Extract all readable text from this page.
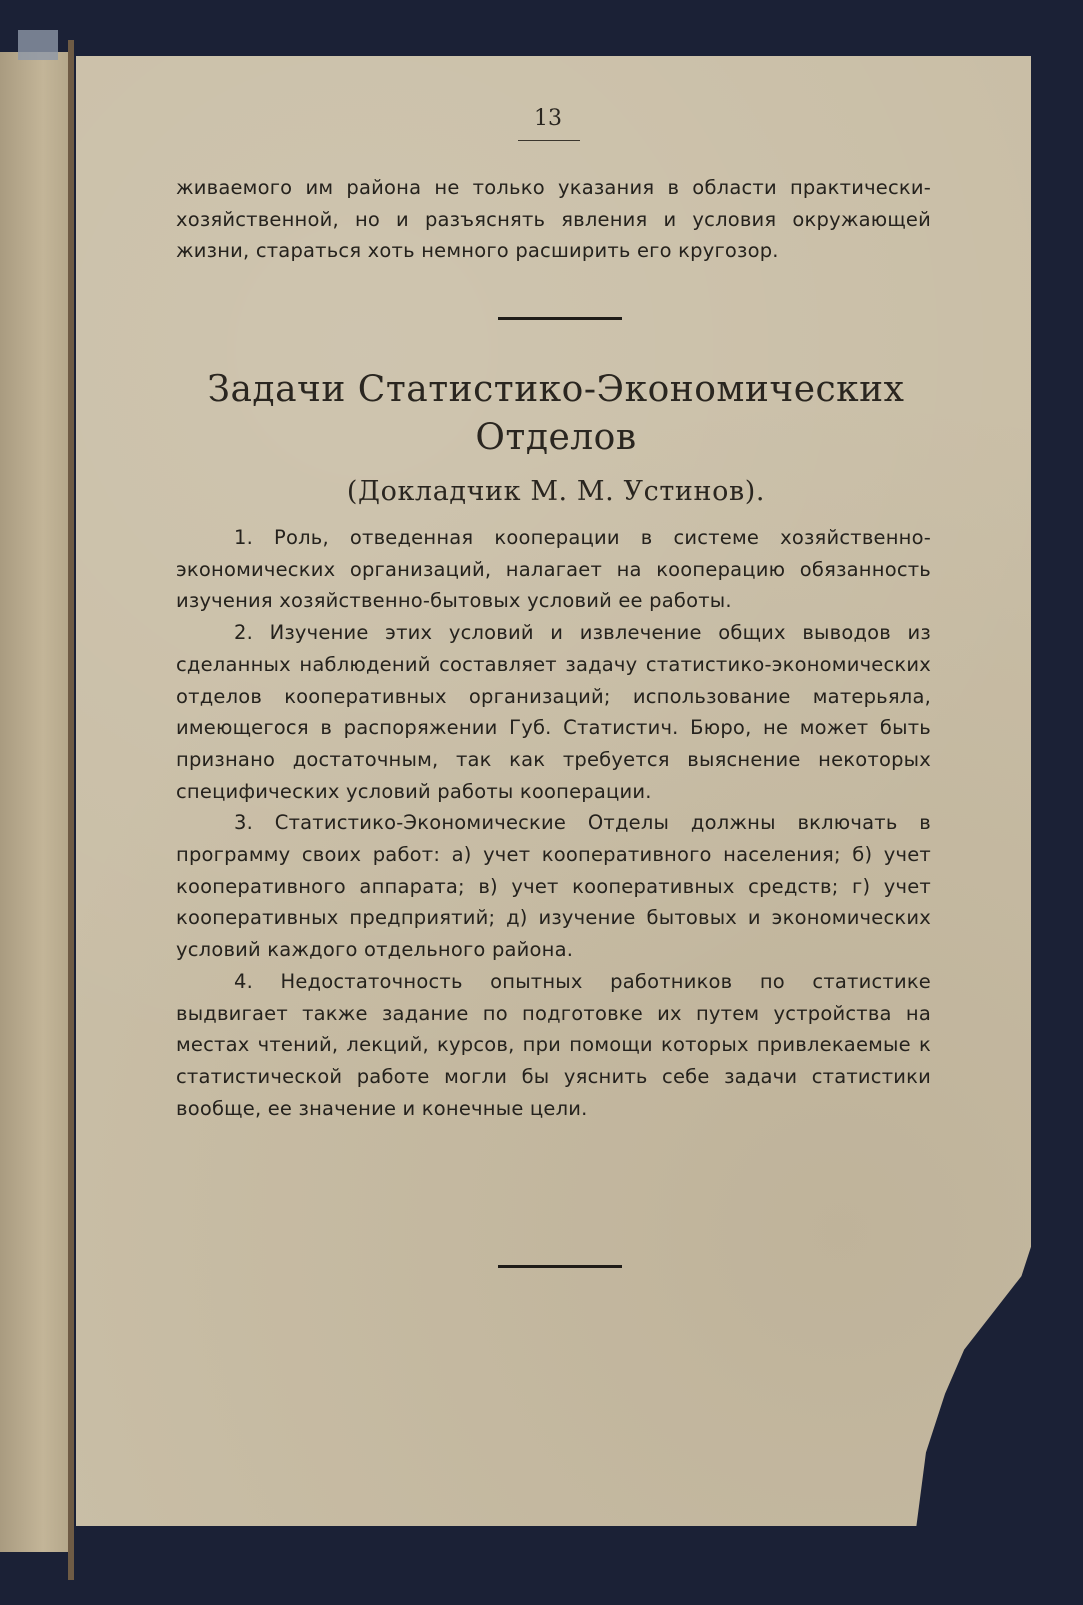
13
живаемого им района не только указания в области практически-хозяйственной, но и разъяснять явления и условия окружающей жизни, стараться хоть немного расширить его кругозор.
Задачи Статистико-Экономических
Отделов
(Докладчик М. М. Устинов).

1. Роль, отведенная кооперации в системе хозяйственно-экономических организаций, налагает на кооперацию обязанность изучения хозяйственно-бытовых условий ее работы.

2. Изучение этих условий и извлечение общих выводов из сделанных наблюдений составляет задачу статистико-экономических отделов кооперативных организаций; использование матерьяла, имеющегося в распоряжении Губ. Статистич. Бюро, не может быть признано достаточным, так как требуется выяснение некоторых специфических условий работы кооперации.

3. Статистико-Экономические Отделы должны включать в программу своих работ: а) учет кооперативного населения; б) учет кооперативного аппарата; в) учет кооперативных средств; г) учет кооперативных предприятий; д) изучение бытовых и экономических условий каждого отдельного района.

4. Недостаточность опытных работников по статистике выдвигает также задание по подготовке их путем устройства на местах чтений, лекций, курсов, при помощи которых привлекаемые к статистической работе могли бы уяснить себе задачи статистики вообще, ее значение и конечные цели.
